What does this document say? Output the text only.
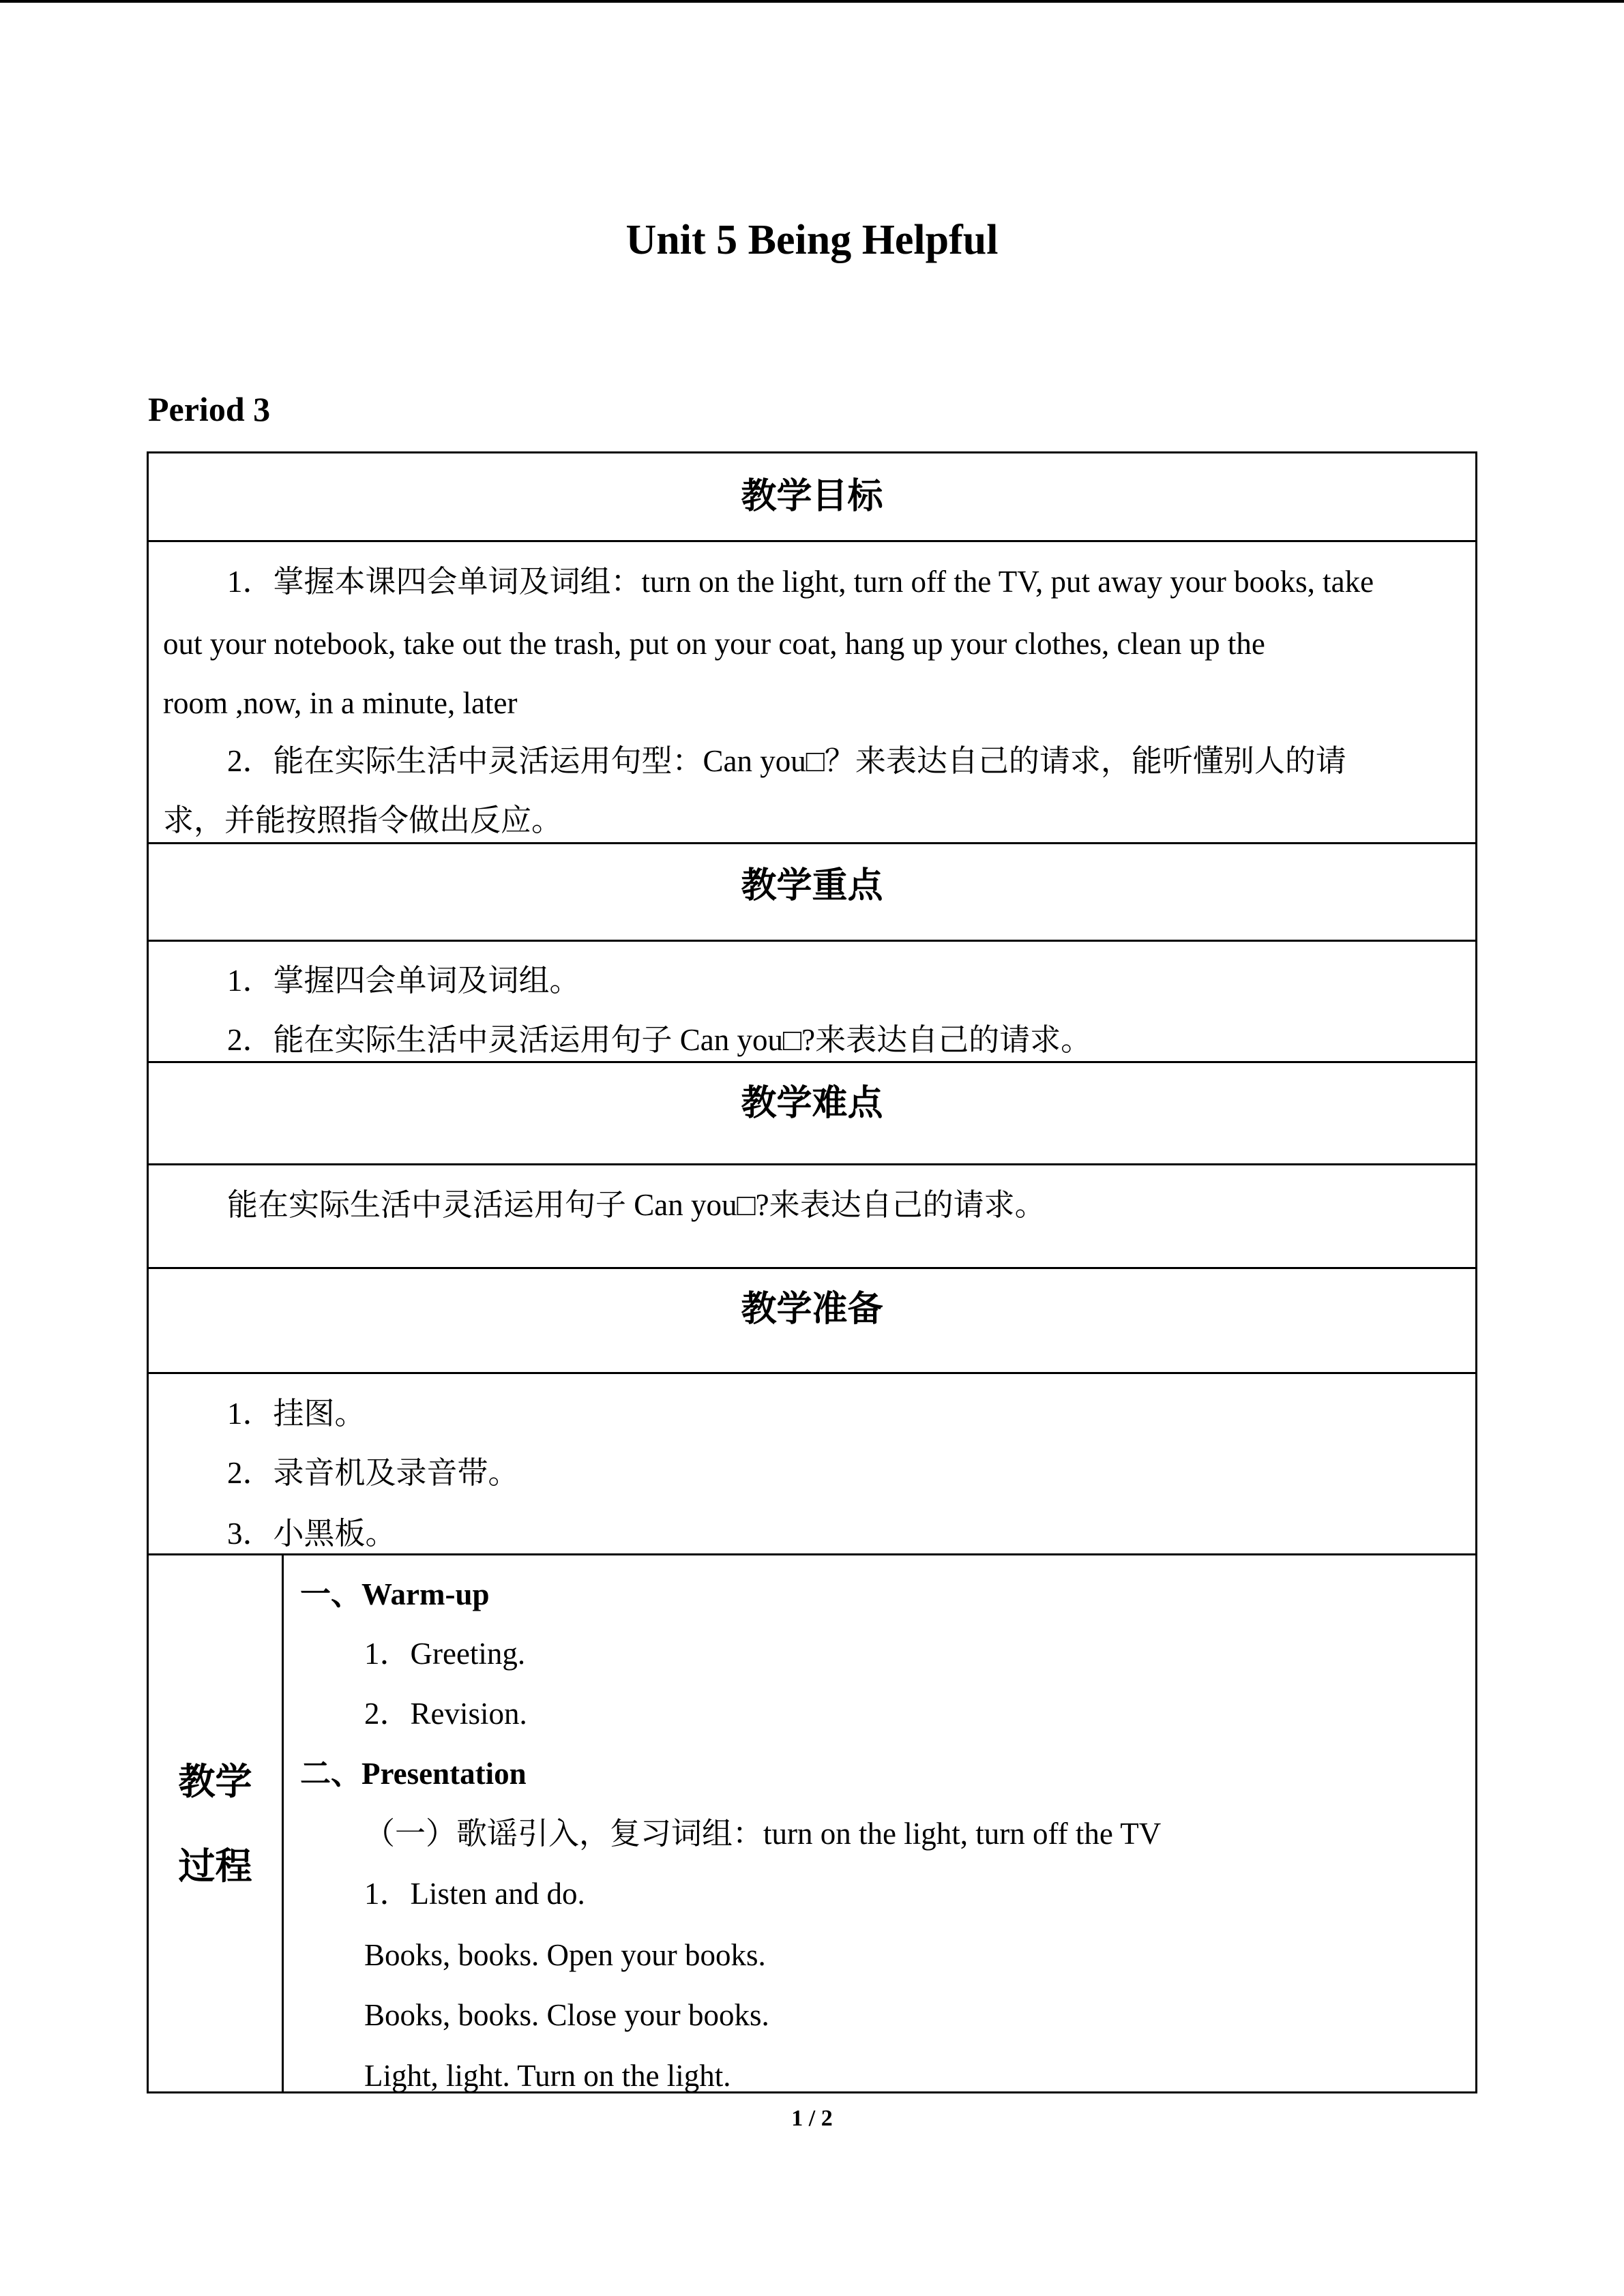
Unit 5 Being Helpful
Period 3
教学目标
1．掌握本课四会单词及词组：turn on the light, turn off the TV, put away your books, take
out your notebook, take out the trash, put on your coat, hang up your clothes, clean up the
room ,now, in a minute, later
2．能在实际生活中灵活运用句型：Can you□？来表达自己的请求，能听懂别人的请
求，并能按照指令做出反应。
教学重点
1．掌握四会单词及词组。
2．能在实际生活中灵活运用句子 Can you□?来表达自己的请求。
教学难点
能在实际生活中灵活运用句子 Can you□?来表达自己的请求。
教学准备
1．挂图。
2．录音机及录音带。
3．小黑板。
教学
过程
一、Warm-up
1．Greeting.
2．Revision.
二、Presentation
（一）歌谣引入，复习词组：turn on the light, turn off the TV
1．Listen and do.
Books, books. Open your books.
Books, books. Close your books.
Light, light. Turn on the light.
1 / 2
